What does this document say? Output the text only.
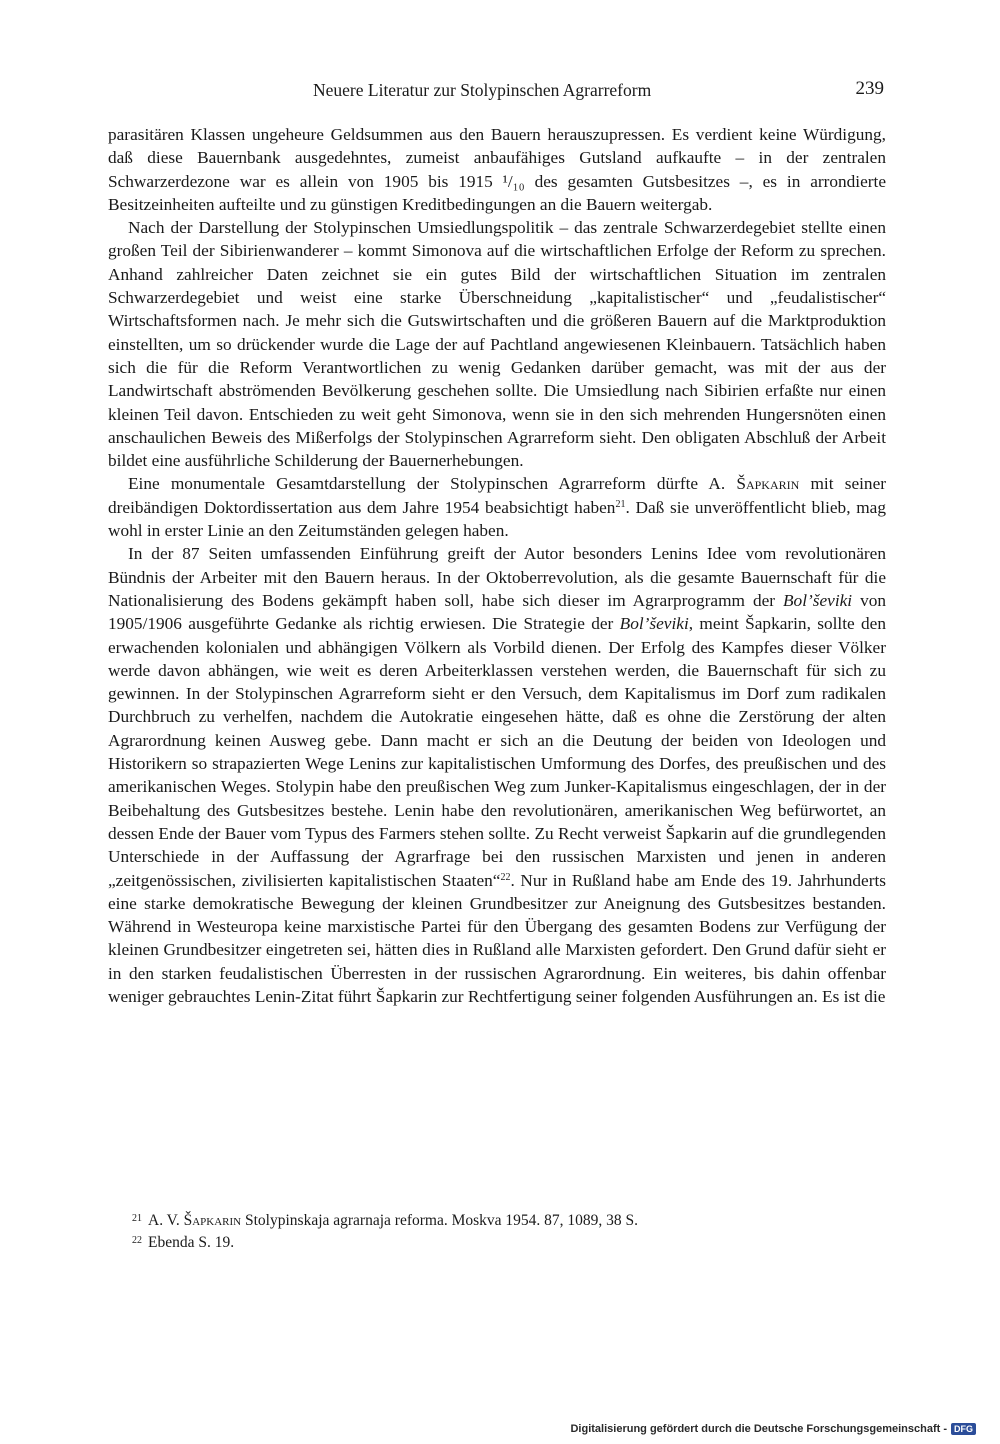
Neuere Literatur zur Stolypinschen Agrarreform	239

parasitären Klassen ungeheure Geldsummen aus den Bauern herauszupressen. Es verdient keine Würdigung, daß diese Bauernbank ausgedehntes, zumeist anbaufähiges Gutsland aufkaufte – in der zentralen Schwarzerdezone war es allein von 1905 bis 1915 ¹/₁₀ des gesamten Gutsbesitzes –, es in arrondierte Besitzeinheiten aufteilte und zu günstigen Kreditbedingungen an die Bauern weitergab.

Nach der Darstellung der Stolypinschen Umsiedlungspolitik – das zentrale Schwarzerdegebiet stellte einen großen Teil der Sibirienwanderer – kommt Simonova auf die wirtschaftlichen Erfolge der Reform zu sprechen. Anhand zahlreicher Daten zeichnet sie ein gutes Bild der wirtschaftlichen Situation im zentralen Schwarzerdegebiet und weist eine starke Überschneidung „kapitalistischer“ und „feudalistischer“ Wirtschaftsformen nach. Je mehr sich die Gutswirtschaften und die größeren Bauern auf die Marktproduktion einstellten, um so drückender wurde die Lage der auf Pachtland angewiesenen Kleinbauern. Tatsächlich haben sich die für die Reform Verantwortlichen zu wenig Gedanken darüber gemacht, was mit der aus der Landwirtschaft abströmenden Bevölkerung geschehen sollte. Die Umsiedlung nach Sibirien erfaßte nur einen kleinen Teil davon. Entschieden zu weit geht Simonova, wenn sie in den sich mehrenden Hungersnöten einen anschaulichen Beweis des Mißerfolgs der Stolypinschen Agrarreform sieht. Den obligaten Abschluß der Arbeit bildet eine ausführliche Schilderung der Bauernerhebungen.

Eine monumentale Gesamtdarstellung der Stolypinschen Agrarreform dürfte A. Šapkarin mit seiner dreibändigen Doktordissertation aus dem Jahre 1954 beabsichtigt haben$^{21}$. Daß sie unveröffentlicht blieb, mag wohl in erster Linie an den Zeitumständen gelegen haben.

In der 87 Seiten umfassenden Einführung greift der Autor besonders Lenins Idee vom revolutionären Bündnis der Arbeiter mit den Bauern heraus. In der Oktoberrevolution, als die gesamte Bauernschaft für die Nationalisierung des Bodens gekämpft haben soll, habe sich dieser im Agrarprogramm der Bol’ševiki von 1905/1906 ausgeführte Gedanke als richtig erwiesen. Die Strategie der Bol’ševiki, meint Šapkarin, sollte den erwachenden kolonialen und abhängigen Völkern als Vorbild dienen. Der Erfolg des Kampfes dieser Völker werde davon abhängen, wie weit es deren Arbeiterklassen verstehen werden, die Bauernschaft für sich zu gewinnen. In der Stolypinschen Agrarreform sieht er den Versuch, dem Kapitalismus im Dorf zum radikalen Durchbruch zu verhelfen, nachdem die Autokratie eingesehen hätte, daß es ohne die Zerstörung der alten Agrarordnung keinen Ausweg gebe. Dann macht er sich an die Deutung der beiden von Ideologen und Historikern so strapazierten Wege Lenins zur kapitalistischen Umformung des Dorfes, des preußischen und des amerikanischen Weges. Stolypin habe den preußischen Weg zum Junker-Kapitalismus eingeschlagen, der in der Beibehaltung des Gutsbesitzes bestehe. Lenin habe den revolutionären, amerikanischen Weg befürwortet, an dessen Ende der Bauer vom Typus des Farmers stehen sollte. Zu Recht verweist Šapkarin auf die grundlegenden Unterschiede in der Auffassung der Agrarfrage bei den russischen Marxisten und jenen in anderen „zeitgenössischen, zivilisierten kapitalistischen Staaten“$^{22}$. Nur in Rußland habe am Ende des 19. Jahrhunderts eine starke demokratische Bewegung der kleinen Grundbesitzer zur Aneignung des Gutsbesitzes bestanden. Während in Westeuropa keine marxistische Partei für den Übergang des gesamten Bodens zur Verfügung der kleinen Grundbesitzer eingetreten sei, hätten dies in Rußland alle Marxisten gefordert. Den Grund dafür sieht er in den starken feudalistischen Überresten in der russischen Agrarordnung. Ein weiteres, bis dahin offenbar weniger gebrauchtes Lenin-Zitat führt Šapkarin zur Rechtfertigung seiner folgenden Ausführungen an. Es ist die

21 A. V. Šapkarin Stolypinskaja agrarnaja reforma. Moskva 1954. 87, 1089, 38 S.
22 Ebenda S. 19.
Digitalisierung gefördert durch die Deutsche Forschungsgemeinschaft - DFG
